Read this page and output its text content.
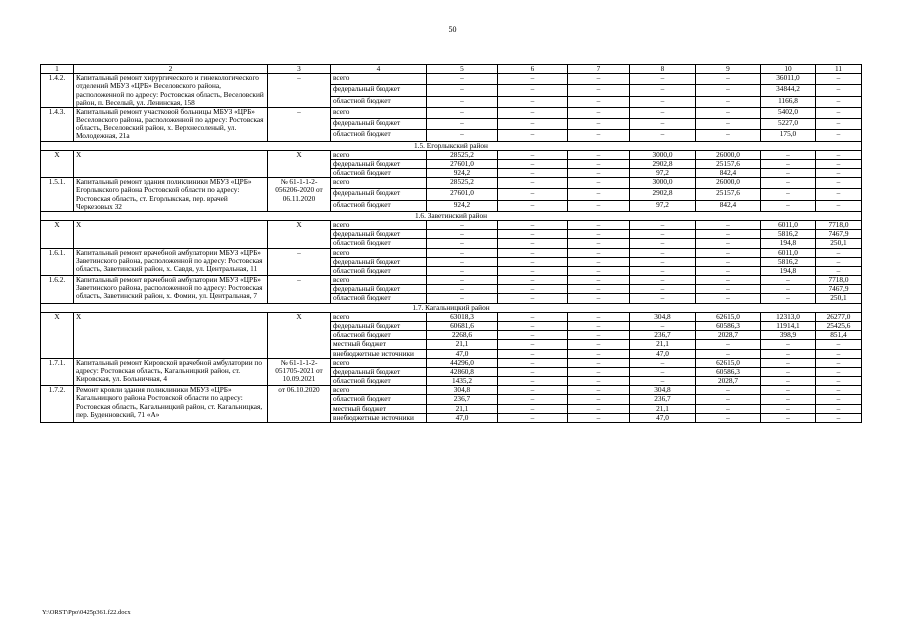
50
1	2	3	4	5	6	7	8	9	10	11
1.4.2.	Капитальный ремонт хирургического и гинекологического отделений МБУЗ «ЦРБ» Веселовского района, расположенной по адресу: Ростовская область, Веселовский район, п. Веселый, ул. Ленинская, 158	–	всего	–	–	–	–	–	36011,0	–
			федеральный бюджет	–	–	–	–	–	34844,2	–
			областной бюджет	–	–	–	–	–	1166,8	–
1.4.3.	Капитальный ремонт участковой больницы МБУЗ «ЦРБ» Веселовского района, расположенной по адресу: Ростовская область, Веселовский район, х. Верхнесоленый, ул. Молодежная, 21а	–	всего	–	–	–	–	–	5402,0	–
			федеральный бюджет	–	–	–	–	–	5227,0	–
			областной бюджет	–	–	–	–	–	175,0	–
1.5. Егорлыкский район										
Х	Х	Х	всего	28525,2	–	–	3000,0	26000,0	–	–
			федеральный бюджет	27601,0	–	–	2902,8	25157,6	–	–
			областной бюджет	924,2	–	–	97,2	842,4	–	–
1.5.1.	Капитальный ремонт здания поликлиники МБУЗ «ЦРБ» Егорлыкского района Ростовской области по адресу: Ростовская область, ст. Егорлыкская, пер. врачей Черкезовых 32	№ 61-1-1-2-056206-2020 от 06.11.2020	всего	28525,2	–	–	3000,0	26000,0	–	–
			федеральный бюджет	27601,0	–	–	2902,8	25157,6	–	–
			областной бюджет	924,2	–	–	97,2	842,4	–	–
1.6. Заветинский район										
Х	Х	Х	всего	–	–	–	–	–	6011,0	7718,0
			федеральный бюджет	–	–	–	–	–	5816,2	7467,9
			областной бюджет	–	–	–	–	–	194,8	250,1
1.6.1.	Капитальный ремонт врачебной амбулатории МБУЗ «ЦРБ» Заветинского района, расположенной по адресу: Ростовская область, Заветинский район, х. Савдя, ул. Центральная, 11	–	всего	–	–	–	–	–	6011,0	–
			федеральный бюджет	–	–	–	–	–	5816,2	–
			областной бюджет	–	–	–	–	–	194,8	–
1.6.2.	Капитальный ремонт врачебной амбулатории МБУЗ «ЦРБ» Заветинского района, расположенной по адресу: Ростовская область, Заветинский район, х. Фомин, ул. Центральная, 7	–	всего	–	–	–	–	–	–	7718,0
			федеральный бюджет	–	–	–	–	–	–	7467,9
			областной бюджет	–	–	–	–	–	–	250,1
1.7. Кагальницкий район										
Х	Х	Х	всего	63018,3	–	–	304,8	62615,0	12313,0	26277,0
			федеральный бюджет	60681,6	–	–	–	60586,3	11914,1	25425,6
			областной бюджет	2268,6	–	–	236,7	2028,7	398,9	851,4
			местный бюджет	21,1	–	–	21,1	–	–	–
			внебюджетные источники	47,0	–	–	47,0	–	–	–
1.7.1.	Капитальный ремонт Кировской врачебной амбулатории по адресу: Ростовская область, Кагальницкий район, ст. Кировская, ул. Больничная, 4	№ 61-1-1-2-051705-2021 от 10.09.2021	всего	44296,0	–	–	–	62615,0	–	–
			федеральный бюджет	42860,8	–	–	–	60586,3	–	–
			областной бюджет	1435,2	–	–	–	2028,7	–	–
1.7.2.	Ремонт кровли здания поликлиники МБУЗ «ЦРБ» Кагальницкого района Ростовской области по адресу: Ростовская область, Кагальницкий район, ст. Кагальницкая, пер. Буденновский, 71 «А»	от 06.10.2020	всего	304,8	–	–	304,8	–	–	–
			областной бюджет	236,7	–	–	236,7	–	–	–
			местный бюджет	21,1	–	–	21,1	–	–	–
			внебюджетные источники	47,0	–	–	47,0	–	–	–
Y:\ORST\Ppo\0425p361.f22.docx
